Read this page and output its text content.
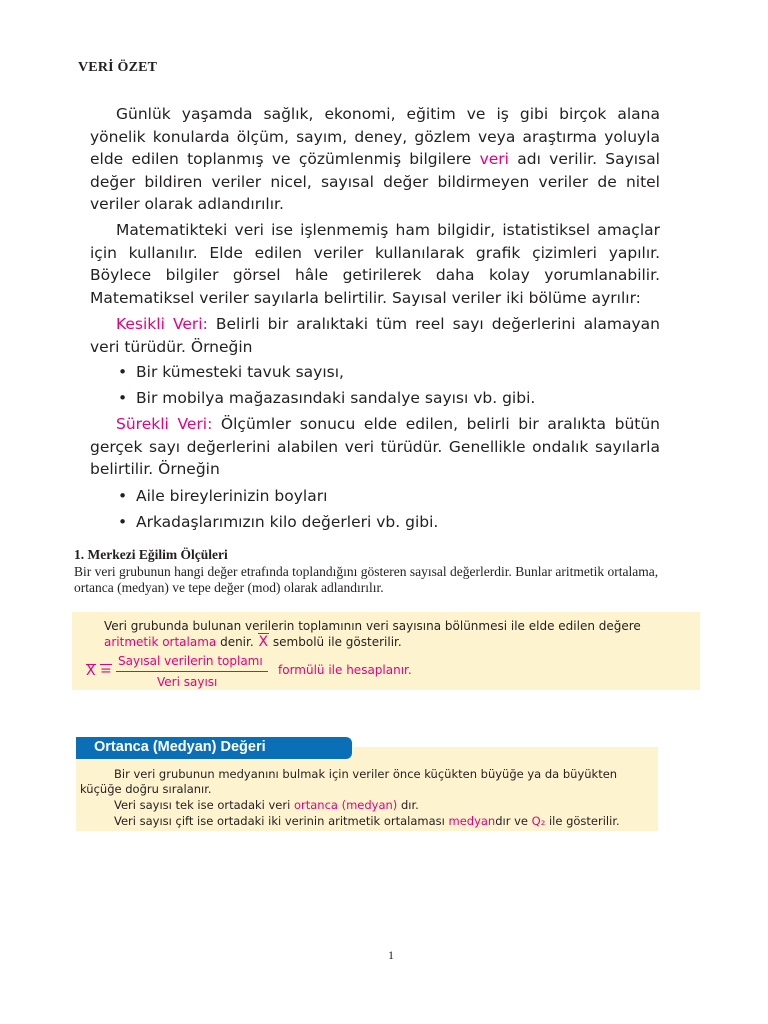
VERİ ÖZET
Günlük yaşamda sağlık, ekonomi, eğitim ve iş gibi birçok alana yönelik konularda ölçüm, sayım, deney, gözlem veya araştırma yoluyla elde edilen toplanmış ve çözümlenmiş bilgilere veri adı verilir. Sayısal değer bildiren veriler nicel, sayısal değer bildirmeyen veriler de nitel veriler olarak adlandırılır.
Matematikteki veri ise işlenmemiş ham bilgidir, istatistiksel amaçlar için kullanılır. Elde edilen veriler kullanılarak grafik çizimleri yapılır. Böylece bilgiler görsel hâle getirilerek daha kolay yorumlanabilir. Matematiksel veriler sayılarla belirtilir. Sayısal veriler iki bölüme ayrılır:
Kesikli Veri: Belirli bir aralıktaki tüm reel sayı değerlerini alamayan veri türüdür. Örneğin
• Bir kümesteki tavuk sayısı,
• Bir mobilya mağazasındaki sandalye sayısı vb. gibi.
Sürekli Veri: Ölçümler sonucu elde edilen, belirli bir aralıkta bütün gerçek sayı değerlerini alabilen veri türüdür. Genellikle ondalık sayılarla belirtilir. Örneğin
• Aile bireylerinizin boyları
• Arkadaşlarımızın kilo değerleri vb. gibi.
1. Merkezi Eğilim Ölçüleri
Bir veri grubunun hangi değer etrafında toplandığını gösteren sayısal değerlerdir. Bunlar aritmetik ortalama, ortanca (medyan) ve tepe değer (mod) olarak adlandırılır.
Veri grubunda bulunan verilerin toplamının veri sayısına bölünmesi ile elde edilen değere aritmetik ortalama denir. X sembolü ile gösterilir.
X =
Sayısal verilerin toplamı
Veri sayısı
formülü ile hesaplanır.
Ortanca (Medyan) Değeri
Bir veri grubunun medyanını bulmak için veriler önce küçükten büyüğe ya da büyükten küçüğe doğru sıralanır.
Veri sayısı tek ise ortadaki veri ortanca (medyan) dır.
Veri sayısı çift ise ortadaki iki verinin aritmetik ortalaması medyandır ve Q₂ ile gösterilir.
1
